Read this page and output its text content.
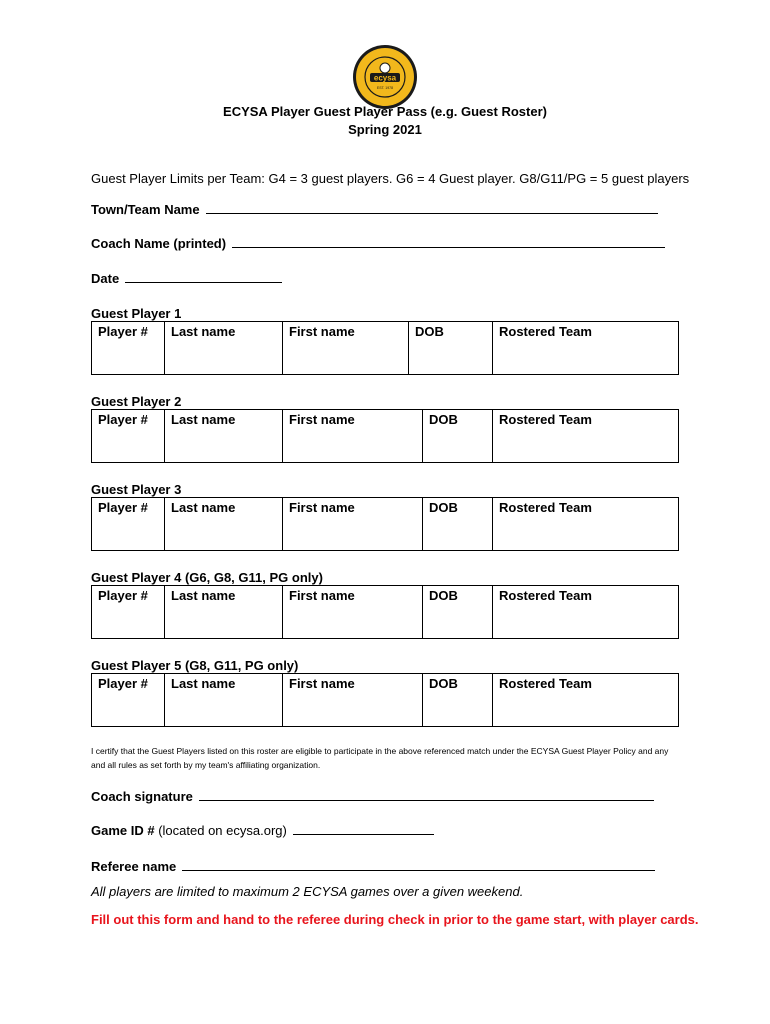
ecysa
EST. 1978
ECYSA Player Guest Player Pass (e.g. Guest Roster)
Spring 2021
Guest Player Limits per Team: G4 = 3 guest players. G6 = 4 Guest player. G8/G11/PG = 5 guest players
Town/Team Name
Coach Name (printed)
Date
Guest Player 1
Player #	Last name	First name	DOB	Rostered Team
Guest Player 2
Player #	Last name	First name	DOB	Rostered Team
Guest Player 3
Player #	Last name	First name	DOB	Rostered Team
Guest Player 4 (G6, G8, G11, PG only)
Player #	Last name	First name	DOB	Rostered Team
Guest Player 5 (G8, G11, PG only)
Player #	Last name	First name	DOB	Rostered Team
I certify that the Guest Players listed on this roster are eligible to participate in the above referenced match under the ECYSA Guest Player Policy and any and all rules as set forth by my team's affiliating organization.
Coach signature
Game ID # (located on ecysa.org)
Referee name
All players are limited to maximum 2 ECYSA games over a given weekend.
Fill out this form and hand to the referee during check in prior to the game start, with player cards.
